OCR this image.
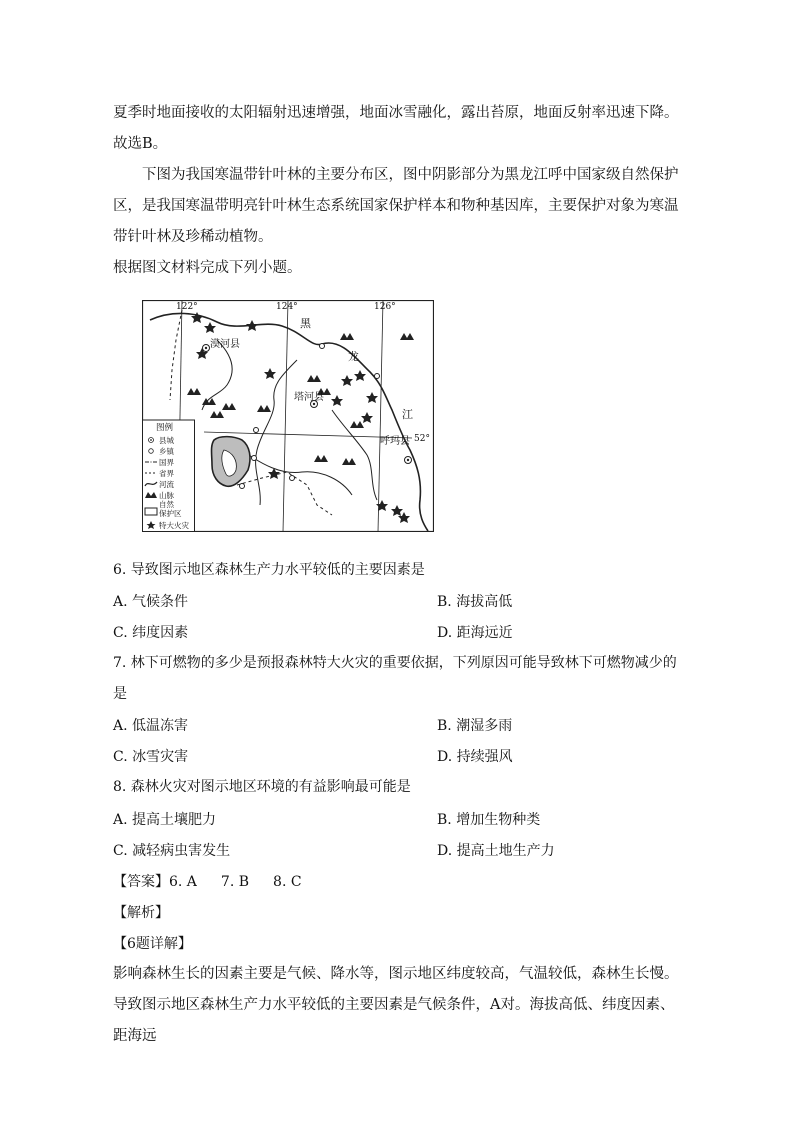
夏季时地面接收的太阳辐射迅速增强，地面冰雪融化，露出苔原，地面反射率迅速下降。故选B。

下图为我国寒温带针叶林的主要分布区，图中阴影部分为黑龙江呼中国家级自然保护区，是我国寒温带明亮针叶林生态系统国家保护样本和物种基因库，主要保护对象为寒温带针叶林及珍稀动植物。

根据图文材料完成下列小题。

122°	124°	126°
52°
漠河县
塔河县
呼玛县
黑
龙
江
图例
县城
乡镇
国界
省界
河流
山脉
自然
保护区
特大火灾
6. 导致图示地区森林生产力水平较低的主要因素是
A. 气候条件	B. 海拔高低
C. 纬度因素	D. 距海远近
7. 林下可燃物的多少是预报森林特大火灾的重要依据，下列原因可能导致林下可燃物减少的是
A. 低温冻害	B. 潮湿多雨
C. 冰雪灾害	D. 持续强风
8. 森林火灾对图示地区环境的有益影响最可能是
A. 提高土壤肥力	B. 增加生物种类
C. 减轻病虫害发生	D. 提高土地生产力
【答案】6. A 7. B 8. C
【解析】
【6题详解】

影响森林生长的因素主要是气候、降水等，图示地区纬度较高，气温较低，森林生长慢。导致图示地区森林生产力水平较低的主要因素是气候条件，A对。海拔高低、纬度因素、距海远
